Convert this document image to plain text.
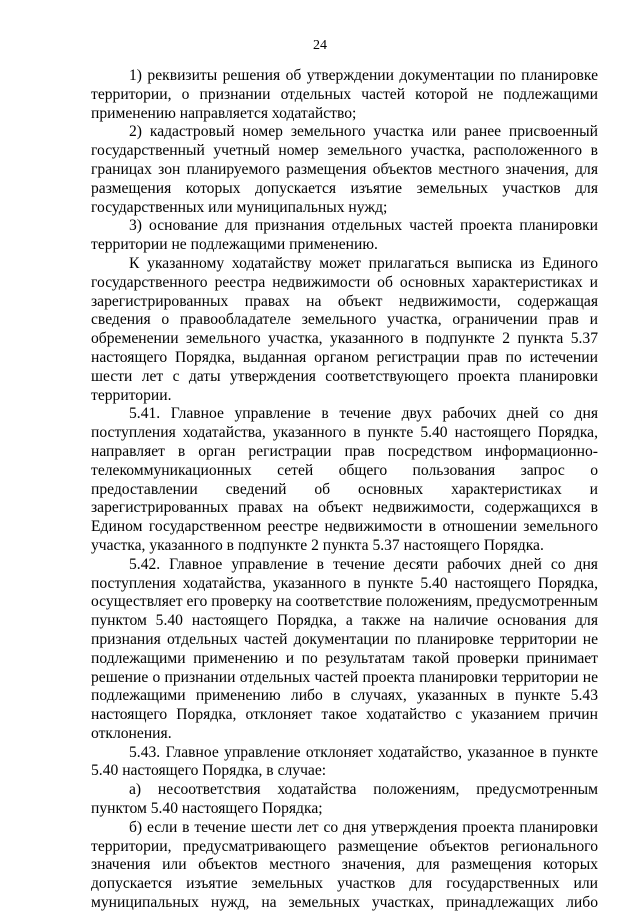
24

1) реквизиты решения об утверждении документации по планировке территории, о признании отдельных частей которой не подлежащими применению направляется ходатайство;

2) кадастровый номер земельного участка или ранее присвоенный государственный учетный номер земельного участка, расположенного в границах зон планируемого размещения объектов местного значения, для размещения которых допускается изъятие земельных участков для государственных или муниципальных нужд;

3) основание для признания отдельных частей проекта планировки территории не подлежащими применению.

К указанному ходатайству может прилагаться выписка из Единого государственного реестра недвижимости об основных характеристиках и зарегистрированных правах на объект недвижимости, содержащая сведения о правообладателе земельного участка, ограничении прав и обременении земельного участка, указанного в подпункте 2 пункта 5.37 настоящего Порядка, выданная органом регистрации прав по истечении шести лет с даты утверждения соответствующего проекта планировки территории.

5.41. Главное управление в течение двух рабочих дней со дня поступления ходатайства, указанного в пункте 5.40 настоящего Порядка, направляет в орган регистрации прав посредством информационно-телекоммуникационных сетей общего пользования запрос о предоставлении сведений об основных характеристиках и зарегистрированных правах на объект недвижимости, содержащихся в Едином государственном реестре недвижимости в отношении земельного участка, указанного в подпункте 2 пункта 5.37 настоящего Порядка.

5.42. Главное управление в течение десяти рабочих дней со дня поступления ходатайства, указанного в пункте 5.40 настоящего Порядка, осуществляет его проверку на соответствие положениям, предусмотренным пунктом 5.40 настоящего Порядка, а также на наличие основания для признания отдельных частей документации по планировке территории не подлежащими применению и по результатам такой проверки принимает решение о признании отдельных частей проекта планировки территории не подлежащими применению либо в случаях, указанных в пункте 5.43 настоящего Порядка, отклоняет такое ходатайство с указанием причин отклонения.

5.43. Главное управление отклоняет ходатайство, указанное в пункте 5.40 настоящего Порядка, в случае:

а) несоответствия ходатайства положениям, предусмотренным пунктом 5.40 настоящего Порядка;

б) если в течение шести лет со дня утверждения проекта планировки территории, предусматривающего размещение объектов регионального значения или объектов местного значения, для размещения которых допускается изъятие земельных участков для государственных или муниципальных нужд, на земельных участках, принадлежащих либо
